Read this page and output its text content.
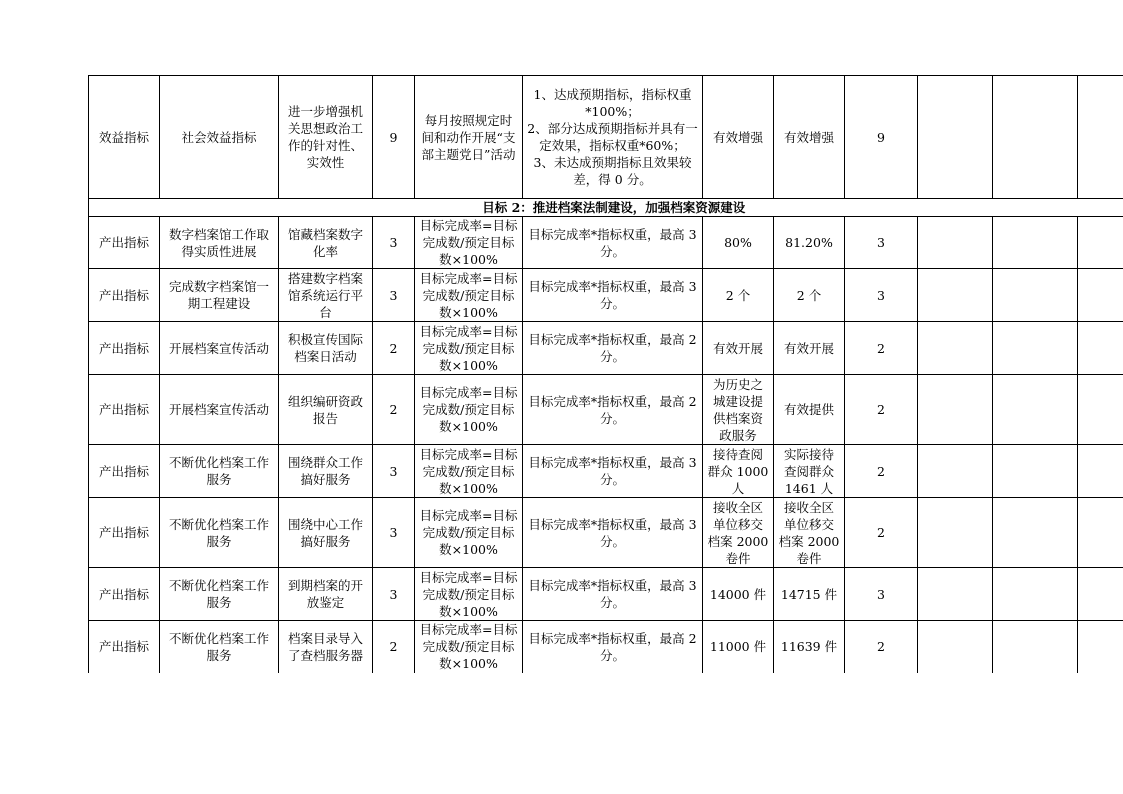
效益指标	社会效益指标	进一步增强机关思想政治工作的针对性、实效性	9	每月按照规定时间和动作开展“支部主题党日”活动	1、达成预期指标，指标权重*100%；
2、部分达成预期指标并具有一定效果，指标权重*60%；
3、未达成预期指标且效果较差，得 0 分。	有效增强	有效增强	9			
目标 2：推进档案法制建设，加强档案资源建设											
产出指标	数字档案馆工作取得实质性进展	馆藏档案数字化率	3	目标完成率=目标完成数/预定目标数×100%	目标完成率*指标权重，最高 3 分。	80%	81.20%	3			
产出指标	完成数字档案馆一期工程建设	搭建数字档案馆系统运行平台	3	目标完成率=目标完成数/预定目标数×100%	目标完成率*指标权重，最高 3 分。	2 个	2 个	3			
产出指标	开展档案宣传活动	积极宣传国际档案日活动	2	目标完成率=目标完成数/预定目标数×100%	目标完成率*指标权重，最高 2 分。	有效开展	有效开展	2			
产出指标	开展档案宣传活动	组织编研资政报告	2	目标完成率=目标完成数/预定目标数×100%	目标完成率*指标权重，最高 2 分。	为历史之城建设提供档案资政服务	有效提供	2			
产出指标	不断优化档案工作服务	围绕群众工作搞好服务	3	目标完成率=目标完成数/预定目标数×100%	目标完成率*指标权重，最高 3 分。	接待查阅群众 1000 人	实际接待查阅群众 1461 人	2			
产出指标	不断优化档案工作服务	围绕中心工作搞好服务	3	目标完成率=目标完成数/预定目标数×100%	目标完成率*指标权重，最高 3 分。	接收全区单位移交档案 2000 卷件	接收全区单位移交档案 2000 卷件	2			
产出指标	不断优化档案工作服务	到期档案的开放鉴定	3	目标完成率=目标完成数/预定目标数×100%	目标完成率*指标权重，最高 3 分。	14000 件	14715 件	3			
产出指标	不断优化档案工作服务	档案目录导入了查档服务器	2	目标完成率=目标完成数/预定目标数×100%	目标完成率*指标权重，最高 2 分。	11000 件	11639 件	2			
